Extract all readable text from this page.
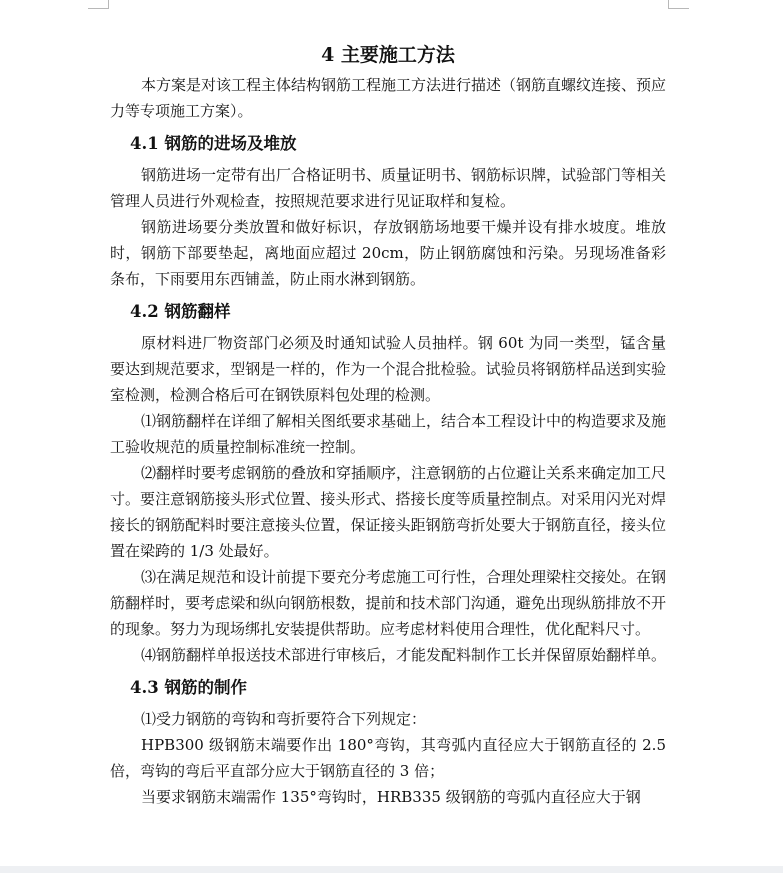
4 主要施工方法

本方案是对该工程主体结构钢筋工程施工方法进行描述（钢筋直螺纹连接、预应力等专项施工方案）。

4.1 钢筋的进场及堆放

钢筋进场一定带有出厂合格证明书、质量证明书、钢筋标识牌，试验部门等相关管理人员进行外观检查，按照规范要求进行见证取样和复检。

钢筋进场要分类放置和做好标识，存放钢筋场地要干燥并设有排水坡度。堆放时，钢筋下部要垫起，离地面应超过 20cm，防止钢筋腐蚀和污染。另现场准备彩条布，下雨要用东西铺盖，防止雨水淋到钢筋。

4.2 钢筋翻样

原材料进厂物资部门必须及时通知试验人员抽样。钢 60t 为同一类型，锰含量要达到规范要求，型钢是一样的，作为一个混合批检验。试验员将钢筋样品送到实验室检测，检测合格后可在钢铁原料包处理的检测。

⑴钢筋翻样在详细了解相关图纸要求基础上，结合本工程设计中的构造要求及施工验收规范的质量控制标准统一控制。

⑵翻样时要考虑钢筋的叠放和穿插顺序，注意钢筋的占位避让关系来确定加工尺寸。要注意钢筋接头形式位置、接头形式、搭接长度等质量控制点。对采用闪光对焊接长的钢筋配料时要注意接头位置，保证接头距钢筋弯折处要大于钢筋直径，接头位置在梁跨的 1/3 处最好。

⑶在满足规范和设计前提下要充分考虑施工可行性，合理处理梁柱交接处。在钢筋翻样时，要考虑梁和纵向钢筋根数，提前和技术部门沟通，避免出现纵筋排放不开的现象。努力为现场绑扎安装提供帮助。应考虑材料使用合理性，优化配料尺寸。

⑷钢筋翻样单报送技术部进行审核后，才能发配料制作工长并保留原始翻样单。

4.3 钢筋的制作

⑴受力钢筋的弯钩和弯折要符合下列规定：

HPB300 级钢筋末端要作出 180°弯钩，其弯弧内直径应大于钢筋直径的 2.5 倍，弯钩的弯后平直部分应大于钢筋直径的 3 倍；

当要求钢筋末端需作 135°弯钩时，HRB335 级钢筋的弯弧内直径应大于钢
